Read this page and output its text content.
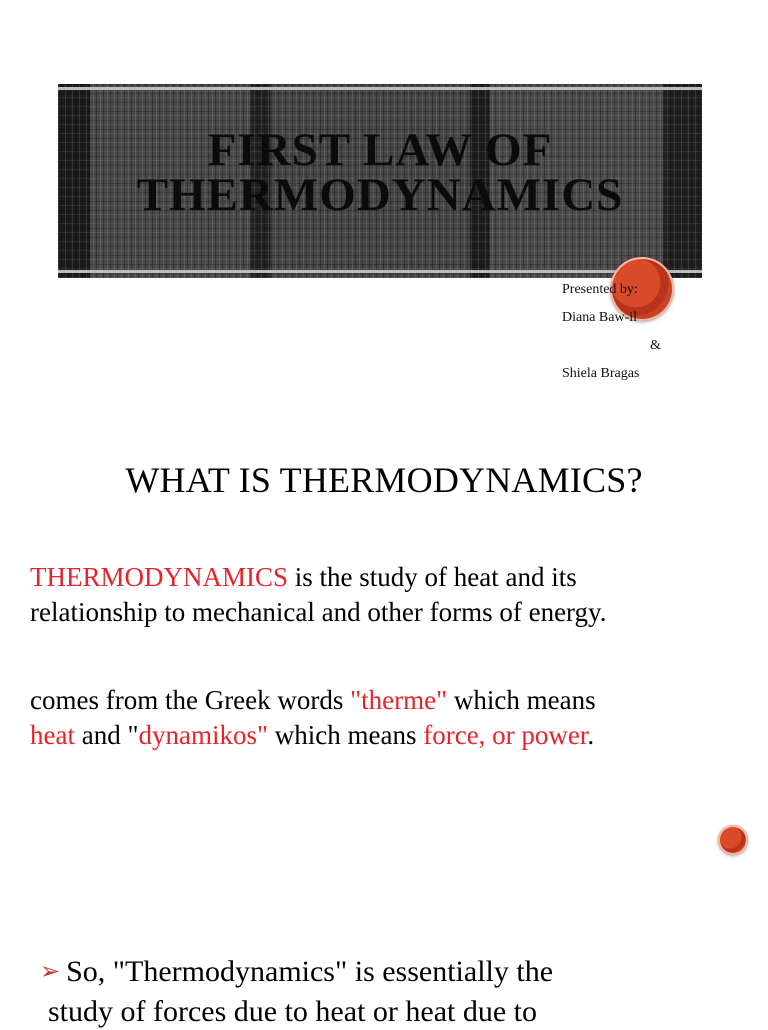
FIRST LAW OF
THERMODYNAMICS
Presented by:
Diana Baw-il
&
Shiela Bragas
WHAT IS THERMODYNAMICS?

THERMODYNAMICS is the study of heat and its
relationship to mechanical and other forms of energy.

comes from the Greek words "therme" which means
heat and "dynamikos" which means force, or power.

➢ So, "Thermodynamics" is essentially the

study of forces due to heat or heat due to
